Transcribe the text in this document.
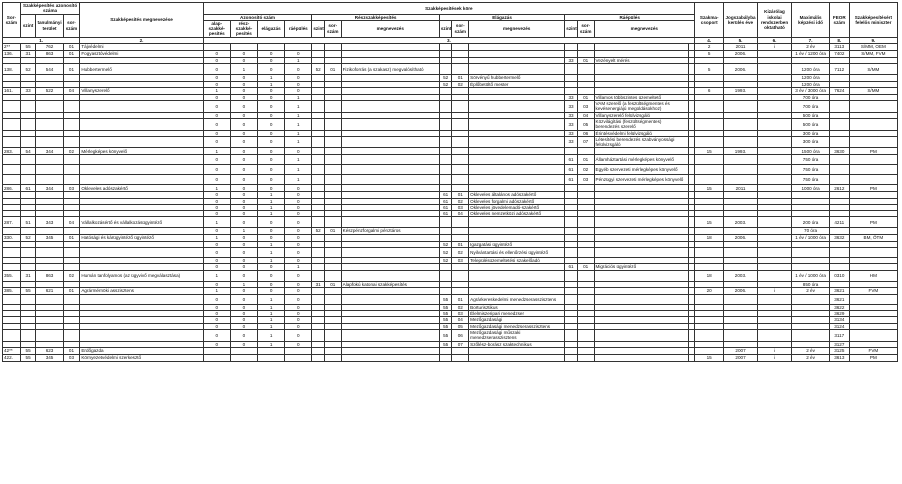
Sor-szám	Szakképesítés azonosító száma			Szakképesítés megnevezése	Szakképesítések köre														Szakma-csoport	Jogszabályba kerülés éve	Kizárólag iskolai rendszerben oktatható	Maximális képzési idő	FEOR szám	Szakképesítésért felelős miniszter
	szint	tanulmányi terület	sor-szám		Azonosító szám				Részszakképesítés			Elágazás			Ráépülés									
					alap-szakké-pesítés	rész-szakké-pesítés	elágazás	ráépülés	szint	sor-szám	megnevezés	szint	sor-szám	megnevezés	szint	sor-szám	megnevezés							
1.				2.	3.														4.	5.	6.	7.	8.	9.
2**	55	762	01	Tájvédelmi															2	2011	i	2 év	3113	S/MM, OEM
136.	31	863	01	Fogyasztóvédelmi	0	0	0	0											5	2006.		1 év / 1200 óra	7402	S/MM, FVM
					0	0	0	1							33	01	Vezényelt mérés							
138.	52	544	01	Hubbertermelő	0	1	0	0	52	01	Fizikoforrás (a szakasz) megvalósítható								5	2006.		1200 óra	7112	S/MM
					0	0	1	0				52	01	Sörvényű hubbertermelő								1200 óra		
					0	0	1	0				52	02	Éplőbetöltő mester								1200 óra		
161.	33	522	04	Villanyszerelő	1	0	0	0											6	1993.		3 év / 3000 óra	7624	S/MM
					0	0	0	1							33	01	Villamos többszintes üzemeltető					700 óra		
					0	0	0	1							33	03	VAM szerelő (a feszültségmentes és kevésenergiájú megoldásokhoz)					700 óra		
					0	0	0	1							33	04	Villanyszerelő felülvizsgáló					500 óra		
					0	0	0	1							33	05	Közvilágítási (feszültségmentes) berendezés szerelő					500 óra		
					0	0	0	1							33	06	Érintésvédelmi felülvizsgáló					300 óra		
					0	0	0	1							33	07	Létesítési berendezés szabványossági felülvizsgáló					300 óra		
283.	54	344	02	Mérlegképes könyvelő	1	0	0	0											15	1993.		1500 óra	3630	PM
					0	0	0	1							61	01	Államháztartási mérlegképes könyvelő					750 óra		
					0	0	0	1							61	02	Egyéb szervezeti mérlegképes könyvelő					750 óra		
					0	0	0	1							61	03	Pénzügyi szervezeti mérlegképes könyvelő					750 óra		
286.	61	344	03	Okleveles adószakértő	1	0	0	0											15	2011		1000 óra	2612	PM
					0	0	1	0				61	01	Okleveles általános adószakértő										
					0	0	1	0				61	02	Okleveles forgalmi adószakértő										
					0	0	1	0				61	03	Okleveles jövedelemadó-szakértő										
					0	0	1	0				61	04	Okleveles nemzetközi adószakértő										
287.	51	343	04	Vállalkozásértő és vállalkozásügyintéző	1	0	0	0											15	2003.		200 óra	4211	PM
					0	1	0	0	52	01	Készpénzforgalmi pénztáros											70 óra		
330.	52	345	01	Hatósági és kárügyintéző ügyintéző	1	0	0	0											18	2006.		1 év / 1000 óra	3632	BM, ÖTM
					0	0	1	0				52	01	Igazgatási ügyintéző										
					0	0	1	0				52	02	Nyilvántartási és ellenőrzési ügyintéző										
					0	0	1	0				52	03	Településüzemeltetési szakelőadó										
					0	0	0	1							61	01	Migrációs ügyintéző							
355.	31	863	02	Humán tanfolyamos (az ügyvivő megválasztása)	1	0	0	0											18	2003.		1 év / 1000 óra	0310	HM
					0	1	0	0	31	01	Alapfokú katonai szakképesítés											850 óra		
385.	55	621	01	Agrármérnöki asszisztens	1	0	0	0											20	2006.	i	2 év	3621	FVM
					0	0	1	0				55	01	Agrárkereskedelmi menedzserasszisztens									3621	
					0	0	1	0				55	02	Borturisztikus									3622	
					0	0	1	0				55	03	Élelmiszeripari menedzser									3629	
					0	0	1	0				55	04	Mezőgazdasági									3134	
					0	0	1	0				55	05	Mezőgazdasági menedzserasszisztens									3124	
					0	0	1	0				55	06	Mezőgazdasági műszaki menedzserasszisztens									3117	
					0	0	1	0				55	07	Szőlész-borász szaktechnikus									3127	
42**	55	623	01	Erdőgazda																2007	i	2 év	3125	FVM
422.	55	345	03	Környezetvédelmi szerkesztő															15	2007	i	2 év	3613	PM
